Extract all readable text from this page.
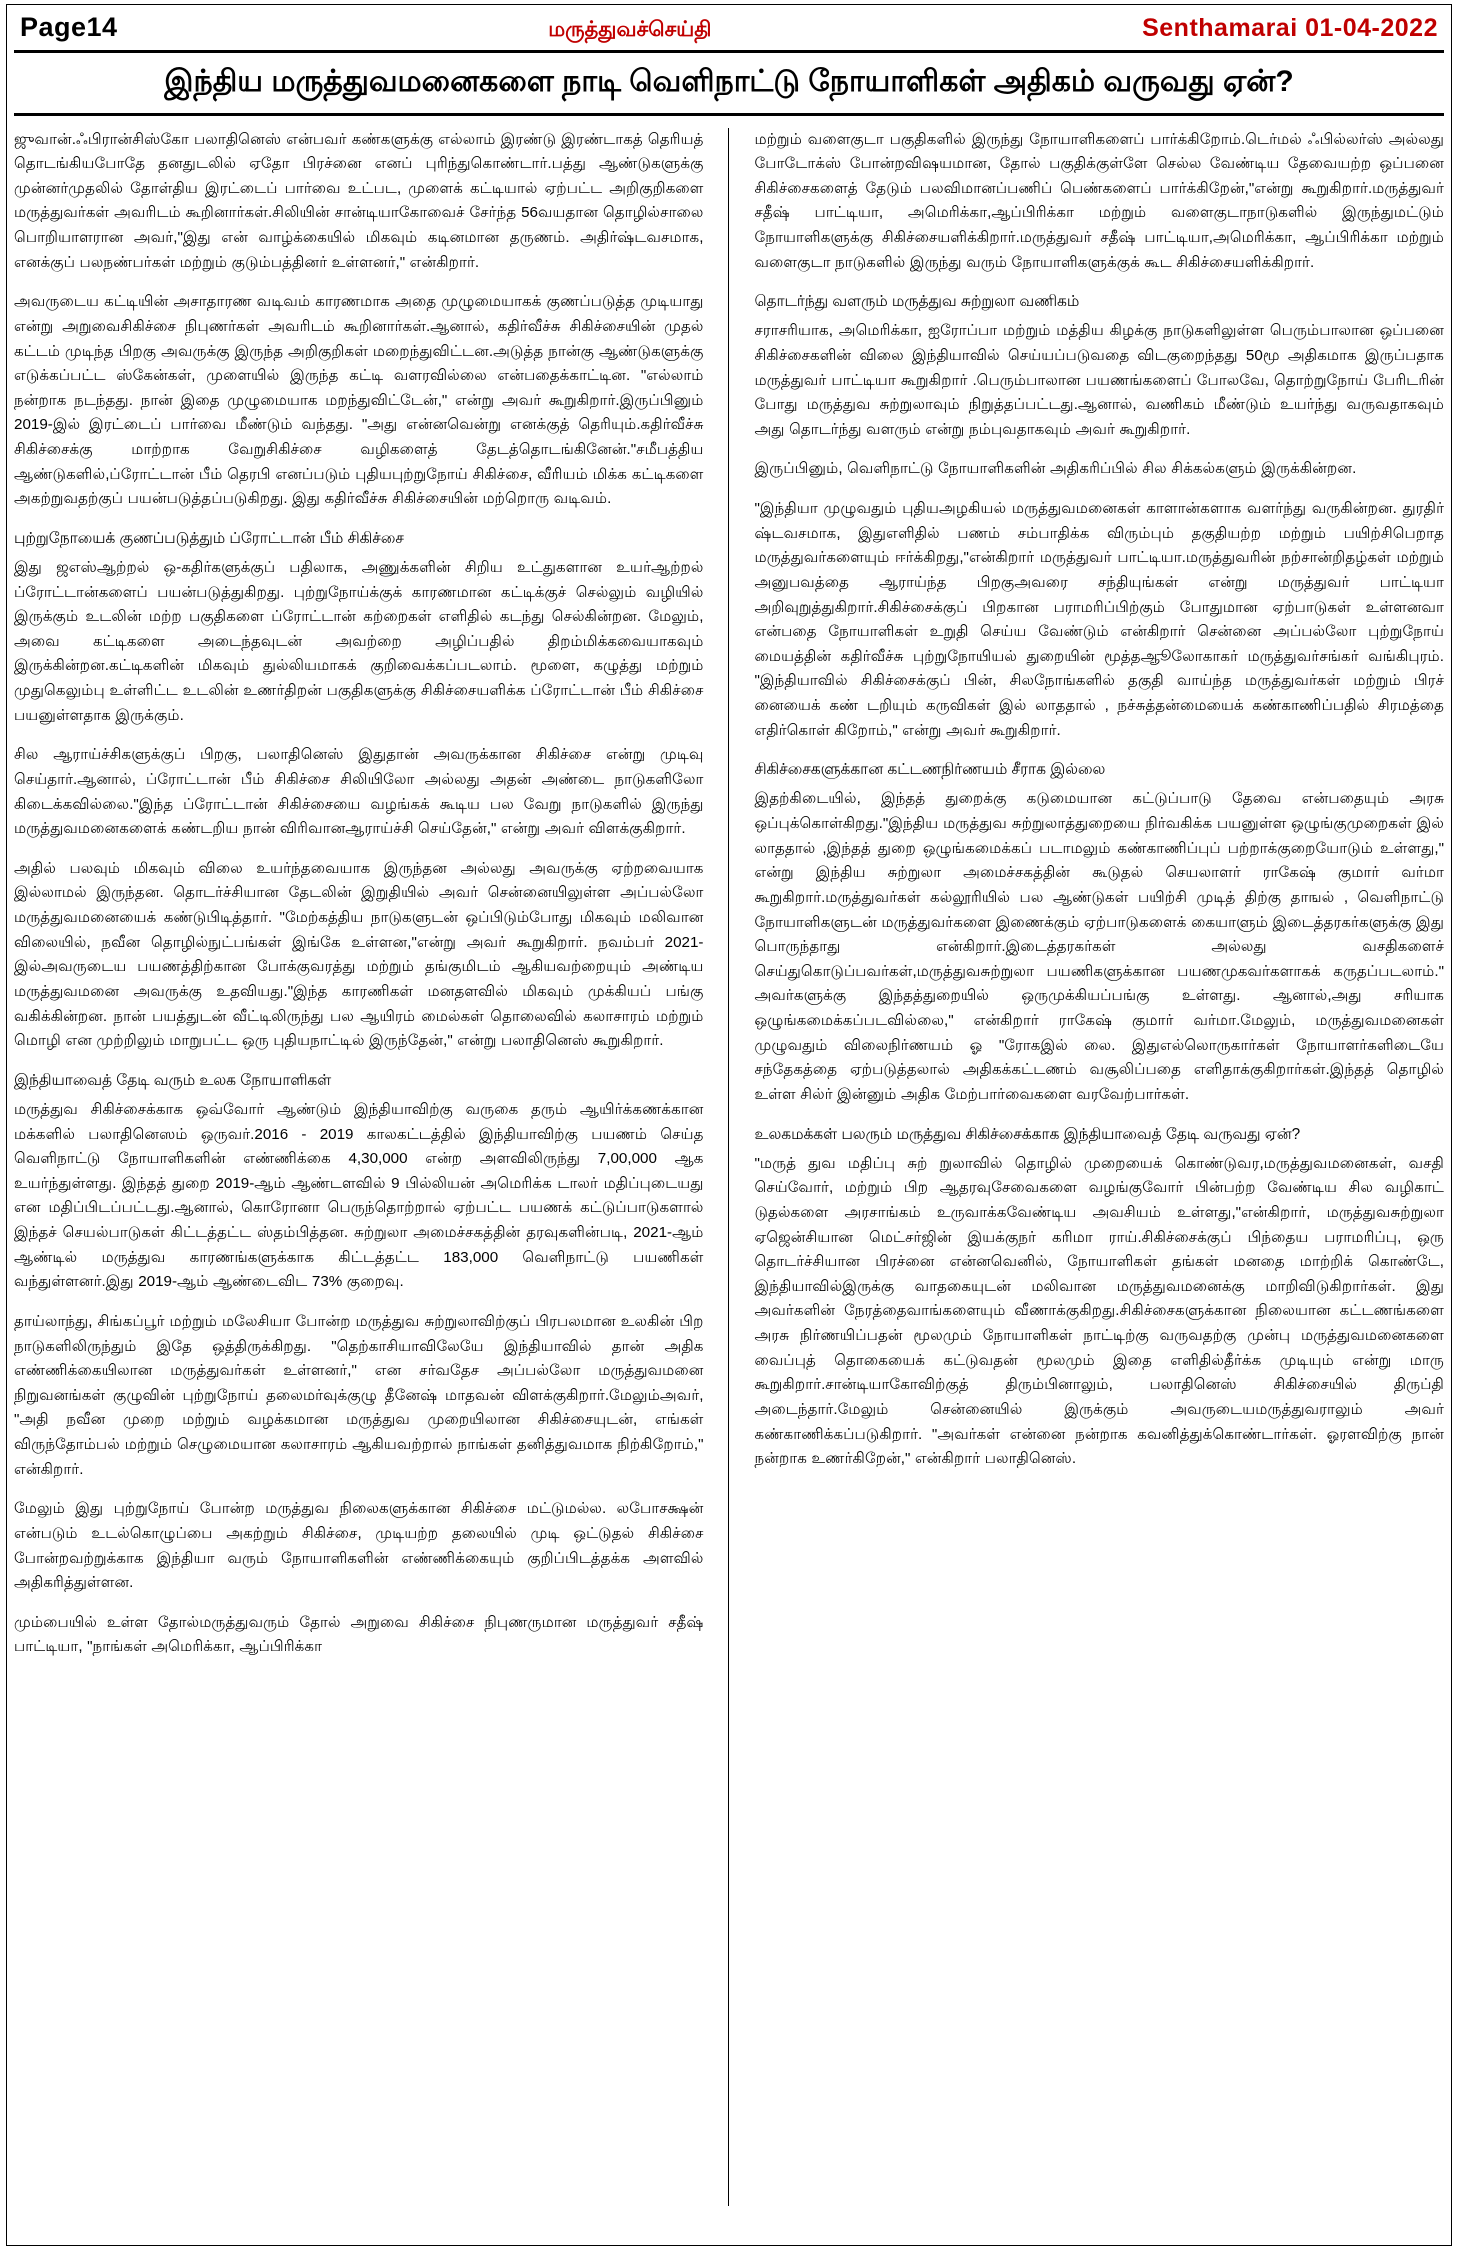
Page14	மருத்துவச்செய்தி	Senthamarai 01-04-2022
இந்திய மருத்துவமனைகளை நாடி வெளிநாட்டு நோயாளிகள் அதிகம் வருவது ஏன்?

ஜுவான்.ஃபிரான்சிஸ்கோ பலாதினெஸ் என்பவர் கண்களுக்கு எல்லாம் இரண்டு இரண்டாகத் தெரியத் தொடங்கியபோதே தனதுடலில் ஏதோ பிரச்னை எனப் புரிந்துகொண்டார்.பத்து ஆண்டுகளுக்கு முன்னர்முதலில் தோள்திய இரட்டைப் பார்வை உட்பட, முளைக் கட்டியால் ஏற்பட்ட அறிகுறிகளை மருத்துவர்கள் அவரிடம் கூறினார்கள்.சிலியின் சான்டியாகோவைச் சேர்ந்த 56வயதான தொழில்சாலை பொறியாளரான அவர்,"இது என் வாழ்க்கையில் மிகவும் கடினமான தருணம். அதிர்ஷ்டவசமாக, எனக்குப் பலநண்பர்கள் மற்றும் குடும்பத்தினர் உள்ளனர்," என்கிறார்.

அவருடைய கட்டியின் அசாதாரண வடிவம் காரணமாக அதை முழுமையாகக் குணப்படுத்த முடியாது என்று அறுவைசிகிச்சை நிபுணர்கள் அவரிடம் கூறினார்கள்.ஆனால், கதிர்வீச்சு சிகிச்சையின் முதல் கட்டம் முடிந்த பிறகு அவருக்கு இருந்த அறிகுறிகள் மறைந்துவிட்டன.அடுத்த நான்கு ஆண்டுகளுக்கு எடுக்கப்பட்ட ஸ்கேன்கள், முளையில் இருந்த கட்டி வளரவில்லை என்பதைக்காட்டின. "எல்லாம் நன்றாக நடந்தது. நான் இதை முழுமையாக மறந்துவிட்டேன்," என்று அவர் கூறுகிறார்.இருப்பினும் 2019-இல் இரட்டைப் பார்வை மீண்டும் வந்தது. "அது என்னவென்று எனக்குத் தெரியும்.கதிர்வீச்சு சிகிச்சைக்கு மாற்றாக வேறுசிகிச்சை வழிகளைத் தேடத்தொடங்கினேன்."சமீபத்திய ஆண்டுகளில்,ப்ரோட்டான் பீம் தெரபி எனப்படும் புதியபுற்றுநோய் சிகிச்சை, வீரியம் மிக்க கட்டிகளை அகற்றுவதற்குப் பயன்படுத்தப்படுகிறது. இது கதிர்வீச்சு சிகிச்சையின் மற்றொரு வடிவம்.

புற்றுநோயைக் குணப்படுத்தும் ப்ரோட்டான் பீம் சிகிச்சை

இது ஜஎஸ்ஆற்றல் ஒ-கதிர்களுக்குப் பதிலாக, அணுக்களின் சிறிய உட்துகளான உயர்ஆற்றல் ப்ரோட்டான்களைப் பயன்படுத்துகிறது. புற்றுநோய்க்குக் காரணமான கட்டிக்குச் செல்லும் வழியில் இருக்கும் உடலின் மற்ற பகுதிகளை ப்ரோட்டான் கற்றைகள் எளிதில் கடந்து செல்கின்றன. மேலும், அவை கட்டிகளை அடைந்தவுடன் அவற்றை அழிப்பதில் திறம்மிக்கவையாகவும் இருக்கின்றன.கட்டிகளின் மிகவும் துல்லியமாகக் குறிவைக்கப்படலாம். மூளை, கழுத்து மற்றும் முதுகெலும்பு உள்ளிட்ட உடலின் உணர்திறன் பகுதிகளுக்கு சிகிச்சையளிக்க ப்ரோட்டான் பீம் சிகிச்சை பயனுள்ளதாக இருக்கும்.

சில ஆராய்ச்சிகளுக்குப் பிறகு, பலாதினெஸ் இதுதான் அவருக்கான சிகிச்சை என்று முடிவு செய்தார்.ஆனால், ப்ரோட்டான் பீம் சிகிச்சை சிலியிலோ அல்லது அதன் அண்டை நாடுகளிலோ கிடைக்கவில்லை."இந்த ப்ரோட்டான் சிகிச்சையை வழங்கக் கூடிய பல வேறு நாடுகளில் இருந்து மருத்துவமனைகளைக் கண்டறிய நான் விரிவானஆராய்ச்சி செய்தேன்," என்று அவர் விளக்குகிறார்.

அதில் பலவும் மிகவும் விலை உயர்ந்தவையாக இருந்தன அல்லது அவருக்கு ஏற்றவையாக இல்லாமல் இருந்தன. தொடர்ச்சியான தேடலின் இறுதியில் அவர் சென்னையிலுள்ள அப்பல்லோ மருத்துவமனையைக் கண்டுபிடித்தார். "மேற்கத்திய நாடுகளுடன் ஒப்பிடும்போது மிகவும் மலிவான விலையில், நவீன தொழில்நுட்பங்கள் இங்கே உள்ளன,"என்று அவர் கூறுகிறார். நவம்பர் 2021-இல்அவருடைய பயணத்திற்கான போக்குவரத்து மற்றும் தங்குமிடம் ஆகியவற்றையும் அண்டிய மருத்துவமனை அவருக்கு உதவியது."இந்த காரணிகள் மனதளவில் மிகவும் முக்கியப் பங்கு வகிக்கின்றன. நான் பயத்துடன் வீட்டிலிருந்து பல ஆயிரம் மைல்கள் தொலைவில் கலாசாரம் மற்றும் மொழி என முற்றிலும் மாறுபட்ட ஒரு புதியநாட்டில் இருந்தேன்," என்று பலாதினெஸ் கூறுகிறார்.

இந்தியாவைத் தேடி வரும் உலக நோயாளிகள்

மருத்துவ சிகிச்சைக்காக ஒவ்வோர் ஆண்டும் இந்தியாவிற்கு வருகை தரும் ஆயிர்க்கணக்கான மக்களில் பலாதினெஸம் ஒருவர்.2016 - 2019 காலகட்டத்தில் இந்தியாவிற்கு பயணம் செய்த வெளிநாட்டு நோயாளிகளின் எண்ணிக்கை 4,30,000 என்ற அளவிலிருந்து 7,00,000 ஆக உயர்ந்துள்ளது. இந்தத் துறை 2019-ஆம் ஆண்டளவில் 9 பில்லியன் அமெரிக்க டாலர் மதிப்புடையது என மதிப்பிடப்பட்டது.ஆனால், கொரோனா பெருந்தொற்றால் ஏற்பட்ட பயணக் கட்டுப்பாடுகளால் இந்தச் செயல்பாடுகள் கிட்டத்தட்ட ஸ்தம்பித்தன. சுற்றுலா அமைச்சகத்தின் தரவுகளின்படி, 2021-ஆம் ஆண்டில் மருத்துவ காரணங்களுக்காக கிட்டத்தட்ட 183,000 வெளிநாட்டு பயணிகள் வந்துள்ளனர்.இது 2019-ஆம் ஆண்டைவிட 73% குறைவு.

தாய்லாந்து, சிங்கப்பூர் மற்றும் மலேசியா போன்ற மருத்துவ சுற்றுலாவிற்குப் பிரபலமான உலகின் பிற நாடுகளிலிருந்தும் இதே ஒத்திருக்கிறது. "தெற்காசியாவிலேயே இந்தியாவில் தான் அதிக எண்ணிக்கையிலான மருத்துவர்கள் உள்ளனர்," என சர்வதேச அப்பல்லோ மருத்துவமனை நிறுவனங்கள் குழுவின் புற்றுநோய் தலைமர்வுக்குழு தீனேஷ் மாதவன் விளக்குகிறார்.மேலும்அவர், "அதி நவீன முறை மற்றும் வழக்கமான மருத்துவ முறையிலான சிகிச்சையுடன், எங்கள் விருந்தோம்பல் மற்றும் செழுமையான கலாசாரம் ஆகியவற்றால் நாங்கள் தனித்துவமாக நிற்கிறோம்," என்கிறார்.

மேலும் இது புற்றுநோய் போன்ற மருத்துவ நிலைகளுக்கான சிகிச்சை மட்டுமல்ல. லபோசக்ஷன் என்படும் உடல்கொழுப்பை அகற்றும் சிகிச்சை, முடியற்ற தலையில் முடி ஒட்டுதல் சிகிச்சை போன்றவற்றுக்காக இந்தியா வரும் நோயாளிகளின் எண்ணிக்கையும் குறிப்பிடத்தக்க அளவில் அதிகரித்துள்ளன.

மும்பையில் உள்ள தோல்மருத்துவரும் தோல் அறுவை சிகிச்சை நிபுணருமான மருத்துவர் சதீஷ் பாட்டியா, "நாங்கள் அமெரிக்கா, ஆப்பிரிக்கா

மற்றும் வளைகுடா பகுதிகளில் இருந்து நோயாளிகளைப் பார்க்கிறோம்.டெர்மல் ஃபில்லர்ஸ் அல்லது போடோக்ஸ் போன்றவிஷயமான, தோல் பகுதிக்குள்ளே செல்ல வேண்டிய தேவையற்ற ஒப்பனை சிகிச்சைகளைத் தேடும் பலவிமானப்பணிப் பெண்களைப் பார்க்கிறேன்,"என்று கூறுகிறார்.மருத்துவர் சதீஷ் பாட்டியா, அமெரிக்கா,ஆப்பிரிக்கா மற்றும் வளைகுடாநாடுகளில் இருந்துமட்டும் நோயாளிகளுக்கு சிகிச்சையளிக்கிறார்.மருத்துவர் சதீஷ் பாட்டியா,அமெரிக்கா, ஆப்பிரிக்கா மற்றும் வளைகுடா நாடுகளில் இருந்து வரும் நோயாளிகளுக்குக் கூட சிகிச்சையளிக்கிறார்.

தொடர்ந்து வளரும் மருத்துவ சுற்றுலா வணிகம்

சராசரியாக, அமெரிக்கா, ஐரோப்பா மற்றும் மத்திய கிழக்கு நாடுகளிலுள்ள பெரும்பாலான ஒப்பனை சிகிச்சைகளின் விலை இந்தியாவில் செய்யப்படுவதை விடகுறைந்தது 50மூ அதிகமாக இருப்பதாக மருத்துவர் பாட்டியா கூறுகிறார் .பெரும்பாலான பயணங்களைப் போலவே, தொற்றுநோய் பேரிடரின் போது மருத்துவ சுற்றுலாவும் நிறுத்தப்பட்டது.ஆனால், வணிகம் மீண்டும் உயர்ந்து வருவதாகவும் அது தொடர்ந்து வளரும் என்று நம்புவதாகவும் அவர் கூறுகிறார்.

இருப்பினும், வெளிநாட்டு நோயாளிகளின் அதிகரிப்பில் சில சிக்கல்களும் இருக்கின்றன.

"இந்தியா முழுவதும் புதியஅழகியல் மருத்துவமனைகள் காளான்களாக வளர்ந்து வருகின்றன. துரதிர் ஷ்டவசமாக, இதுஎளிதில் பணம் சம்பாதிக்க விரும்பும் தகுதியற்ற மற்றும் பயிற்சிபெறாத மருத்துவர்களையும் ஈர்க்கிறது,"என்கிறார் மருத்துவர் பாட்டியா.மருத்துவரின் நற்சான்றிதழ்கள் மற்றும் அனுபவத்தை ஆராய்ந்த பிறகுஅவரை சந்தியுங்கள் என்று மருத்துவர் பாட்டியா அறிவுறுத்துகிறார்.சிகிச்சைக்குப் பிறகான பராமரிப்பிற்கும் போதுமான ஏற்பாடுகள் உள்ளனவா என்பதை நோயாளிகள் உறுதி செய்ய வேண்டும் என்கிறார் சென்னை அப்பல்லோ புற்றுநோய் மையத்தின் கதிர்வீச்சு புற்றுநோயியல் துறையின் மூத்தஆூலோகாகர் மருத்துவர்சங்கர் வங்கிபுரம். "இந்தியாவில் சிகிச்சைக்குப் பின், சிலநோங்களில் தகுதி வாய்ந்த மருத்துவர்கள் மற்றும் பிரச் னையைக் கண் டறியும் கருவிகள் இல் லாததால் , நச்சுத்தன்மையைக் கண்காணிப்பதில் சிரமத்தை எதிர்கொள் கிறோம்," என்று அவர் கூறுகிறார்.

சிகிச்சைகளுக்கான கட்டணநிர்ணயம் சீராக இல்லை

இதற்கிடையில், இந்தத் துறைக்கு கடுமையான கட்டுப்பாடு தேவை என்பதையும் அரசு ஒப்புக்கொள்கிறது."இந்திய மருத்துவ சுற்றுலாத்துறையை நிர்வகிக்க பயனுள்ள ஒழுங்குமுறைகள் இல் லாததால் ,இந்தத் துறை ஒழுங்கமைக்கப் படாமலும் கண்காணிப்புப் பற்றாக்குறையோடும் உள்ளது," என்று இந்திய சுற்றுலா அமைச்சகத்தின் கூடுதல் செயலாளர் ராகேஷ் குமார் வர்மா கூறுகிறார்.மருத்துவர்கள் கல்லூரியில் பல ஆண்டுகள் பயிற்சி முடித் திற்கு தாஙல் , வெளிநாட்டு நோயாளிகளுடன் மருத்துவர்களை இணைக்கும் ஏற்பாடுகளைக் கையாளும் இடைத்தரகர்களுக்கு இது பொருந்தாது என்கிறார்.இடைத்தரகர்கள் அல்லது வசதிகளைச் செய்துகொடுப்பவர்கள்,மருத்துவசுற்றுலா பயணிகளுக்கான பயணமுகவர்களாகக் கருதப்படலாம்." அவர்களுக்கு இந்தத்துறையில் ஒருமுக்கியப்பங்கு உள்ளது. ஆனால்,அது சரியாக ஒழுங்கமைக்கப்படவில்லை," என்கிறார் ராகேஷ் குமார் வர்மா.மேலும், மருத்துவமனைகள் முழுவதும் விலைநிர்ணயம் ஓ "ரோகஇல் லை. இதுஎல்லொருகார்கள் நோயாளர்களிடையே சந்தேகத்தை ஏற்படுத்தலால் அதிகக்கட்டணம் வசூலிப்பதை எளிதாக்குகிறார்கள்.இந்தத் தொழில் உள்ள சில்ர் இன்னும் அதிக மேற்பார்வைகளை வரவேற்பார்கள்.

உலகமக்கள் பலரும் மருத்துவ சிகிச்சைக்காக இந்தியாவைத் தேடி வருவது ஏன்?

"மருத் துவ மதிப்பு சுற் றுலாவில் தொழில் முறையைக் கொண்டுவர,மருத்துவமனைகள், வசதி செய்வோர், மற்றும் பிற ஆதரவுசேவைகளை வழங்குவோர் பின்பற்ற வேண்டிய சில வழிகாட் டுதல்களை அரசாங்கம் உருவாக்கவேண்டிய அவசியம் உள்ளது,"என்கிறார், மருத்துவசுற்றுலா ஏஜென்சியான மெட்சர்ஜின் இயக்குநர் கரிமா ராய்.சிகிச்சைக்குப் பிந்தைய பராமரிப்பு, ஒரு தொடர்ச்சியான பிரச்னை என்னவெனில், நோயாளிகள் தங்கள் மனதை மாற்றிக் கொண்டே, இந்தியாவில்இருக்கு வாதகையுடன் மலிவான மருத்துவமனைக்கு மாறிவிடுகிறார்கள். இது அவர்களின் நேரத்தைவாங்களையும் வீணாக்குகிறது.சிகிச்சைகளுக்கான நிலையான கட்டணங்களை அரசு நிர்ணயிப்பதன் மூலமும் நோயாளிகள் நாட்டிற்கு வருவதற்கு முன்பு மருத்துவமனைகளை வைப்புத் தொகையைக் கட்டுவதன் மூலமும் இதை எளிதில்தீர்க்க முடியும் என்று மாரு கூறுகிறார்.சான்டியாகோவிற்குத் திரும்பினாலும், பலாதினெஸ் சிகிச்சையில் திருப்தி அடைந்தார்.மேலும் சென்னையில் இருக்கும் அவருடையமருத்துவராலும் அவர் கண்காணிக்கப்படுகிறார். "அவர்கள் என்னை நன்றாக கவனித்துக்கொண்டார்கள். ஓரளவிற்கு நான் நன்றாக உணர்கிறேன்," என்கிறார் பலாதினெஸ்.
